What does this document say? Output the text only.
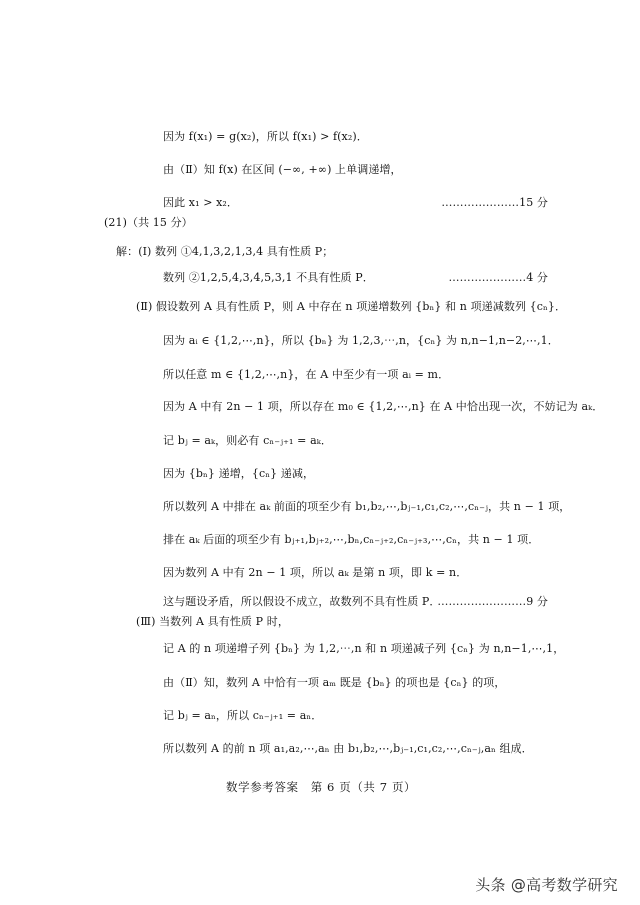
因为 f(x₁) = g(x₂)，所以 f(x₁) > f(x₂)．
由（Ⅱ）知 f(x) 在区间 (−∞, +∞) 上单调递增，
因此 x₁ > x₂．	…………………15 分
(21)（共 15 分）
解：(Ⅰ) 数列 ①4,1,3,2,1,3,4 具有性质 P；
数列 ②1,2,5,4,3,4,5,3,1 不具有性质 P．	…………………4 分
(Ⅱ) 假设数列 A 具有性质 P，则 A 中存在 n 项递增数列 {bₙ} 和 n 项递减数列 {cₙ}．
因为 aᵢ ∈ {1,2,⋯,n}，所以 {bₙ} 为 1,2,3,⋯,n，{cₙ} 为 n,n−1,n−2,⋯,1．
所以任意 m ∈ {1,2,⋯,n}，在 A 中至少有一项 aᵢ = m．
因为 A 中有 2n − 1 项，所以存在 m₀ ∈ {1,2,⋯,n} 在 A 中恰出现一次，不妨记为 aₖ．
记 bⱼ = aₖ，则必有 cₙ₋ⱼ₊₁ = aₖ．
因为 {bₙ} 递增，{cₙ} 递减，
所以数列 A 中排在 aₖ 前面的项至少有 b₁,b₂,⋯,bⱼ₋₁,c₁,c₂,⋯,cₙ₋ⱼ，共 n − 1 项，
排在 aₖ 后面的项至少有 bⱼ₊₁,bⱼ₊₂,⋯,bₙ,cₙ₋ⱼ₊₂,cₙ₋ⱼ₊₃,⋯,cₙ，共 n − 1 项．
因为数列 A 中有 2n − 1 项，所以 aₖ 是第 n 项，即 k = n．
这与题设矛盾，所以假设不成立，故数列不具有性质 P．
……………………9 分
(Ⅲ) 当数列 A 具有性质 P 时，
记 A 的 n 项递增子列 {bₙ} 为 1,2,⋯,n 和 n 项递减子列 {cₙ} 为 n,n−1,⋯,1，
由（Ⅱ）知，数列 A 中恰有一项 aₘ 既是 {bₙ} 的项也是 {cₙ} 的项，
记 bⱼ = aₙ，所以 cₙ₋ⱼ₊₁ = aₙ．
所以数列 A 的前 n 项 a₁,a₂,⋯,aₙ 由 b₁,b₂,⋯,bⱼ₋₁,c₁,c₂,⋯,cₙ₋ⱼ,aₙ 组成．
数学参考答案　第 6 页（共 7 页）
头条 @高考数学研究
